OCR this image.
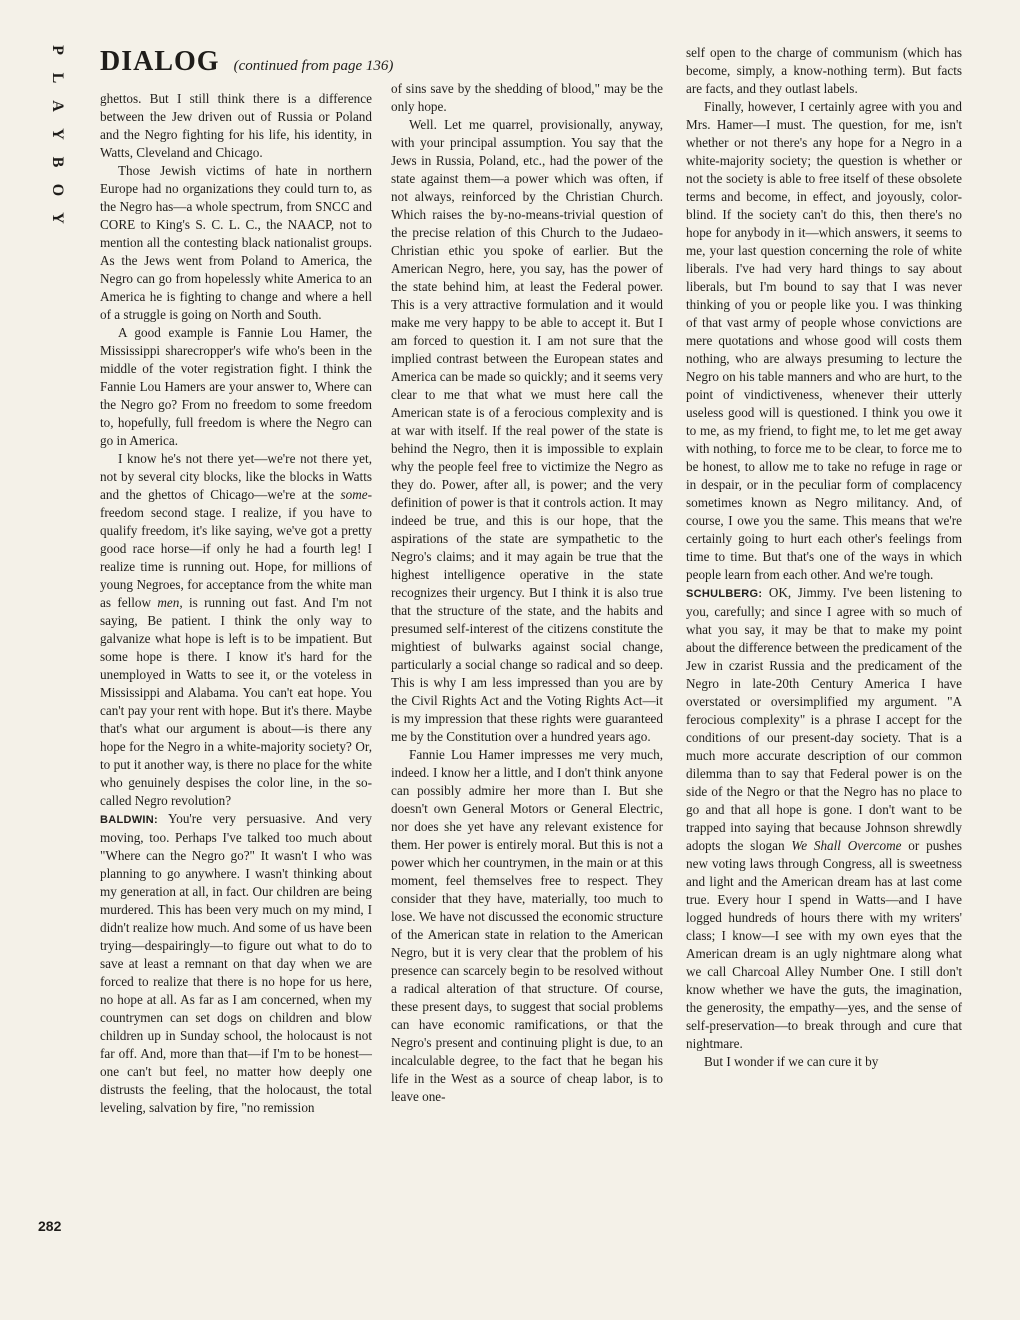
P
L
A
Y
B
O
Y
DIALOG (continued from page 136)

ghettos. But I still think there is a difference between the Jew driven out of Russia or Poland and the Negro fighting for his life, his identity, in Watts, Cleveland and Chicago.

Those Jewish victims of hate in northern Europe had no organizations they could turn to, as the Negro has—a whole spectrum, from SNCC and CORE to King's S. C. L. C., the NAACP, not to mention all the contesting black nationalist groups. As the Jews went from Poland to America, the Negro can go from hopelessly white America to an America he is fighting to change and where a hell of a struggle is going on North and South.

A good example is Fannie Lou Hamer, the Mississippi sharecropper's wife who's been in the middle of the voter registration fight. I think the Fannie Lou Hamers are your answer to, Where can the Negro go? From no freedom to some freedom to, hopefully, full freedom is where the Negro can go in America.

I know he's not there yet—we're not there yet, not by several city blocks, like the blocks in Watts and the ghettos of Chicago—we're at the some-freedom second stage. I realize, if you have to qualify freedom, it's like saying, we've got a pretty good race horse—if only he had a fourth leg! I realize time is running out. Hope, for millions of young Negroes, for acceptance from the white man as fellow men, is running out fast. And I'm not saying, Be patient. I think the only way to galvanize what hope is left is to be impatient. But some hope is there. I know it's hard for the unemployed in Watts to see it, or the voteless in Mississippi and Alabama. You can't eat hope. You can't pay your rent with hope. But it's there. Maybe that's what our argument is about—is there any hope for the Negro in a white-majority society? Or, to put it another way, is there no place for the white who genuinely despises the color line, in the so-called Negro revolution?

BALDWIN: You're very persuasive. And very moving, too. Perhaps I've talked too much about "Where can the Negro go?" It wasn't I who was planning to go anywhere. I wasn't thinking about my generation at all, in fact. Our children are being murdered. This has been very much on my mind, I didn't realize how much. And some of us have been trying—despairingly—to figure out what to do to save at least a remnant on that day when we are forced to realize that there is no hope for us here, no hope at all. As far as I am concerned, when my countrymen can set dogs on children and blow children up in Sunday school, the holocaust is not far off. And, more than that—if I'm to be honest—one can't but feel, no matter how deeply one distrusts the feeling, that the holocaust, the total leveling, salvation by fire, "no remission

of sins save by the shedding of blood," may be the only hope.

Well. Let me quarrel, provisionally, anyway, with your principal assumption. You say that the Jews in Russia, Poland, etc., had the power of the state against them—a power which was often, if not always, reinforced by the Christian Church. Which raises the by-no-means-trivial question of the precise relation of this Church to the Judaeo-Christian ethic you spoke of earlier. But the American Negro, here, you say, has the power of the state behind him, at least the Federal power. This is a very attractive formulation and it would make me very happy to be able to accept it. But I am forced to question it. I am not sure that the implied contrast between the European states and America can be made so quickly; and it seems very clear to me that what we must here call the American state is of a ferocious complexity and is at war with itself. If the real power of the state is behind the Negro, then it is impossible to explain why the people feel free to victimize the Negro as they do. Power, after all, is power; and the very definition of power is that it controls action. It may indeed be true, and this is our hope, that the aspirations of the state are sympathetic to the Negro's claims; and it may again be true that the highest intelligence operative in the state recognizes their urgency. But I think it is also true that the structure of the state, and the habits and presumed self-interest of the citizens constitute the mightiest of bulwarks against social change, particularly a social change so radical and so deep. This is why I am less impressed than you are by the Civil Rights Act and the Voting Rights Act—it is my impression that these rights were guaranteed me by the Constitution over a hundred years ago.

Fannie Lou Hamer impresses me very much, indeed. I know her a little, and I don't think anyone can possibly admire her more than I. But she doesn't own General Motors or General Electric, nor does she yet have any relevant existence for them. Her power is entirely moral. But this is not a power which her countrymen, in the main or at this moment, feel themselves free to respect. They consider that they have, materially, too much to lose. We have not discussed the economic structure of the American state in relation to the American Negro, but it is very clear that the problem of his presence can scarcely begin to be resolved without a radical alteration of that structure. Of course, these present days, to suggest that social problems can have economic ramifications, or that the Negro's present and continuing plight is due, to an incalculable degree, to the fact that he began his life in the West as a source of cheap labor, is to leave one-

self open to the charge of communism (which has become, simply, a know-nothing term). But facts are facts, and they outlast labels.

Finally, however, I certainly agree with you and Mrs. Hamer—I must. The question, for me, isn't whether or not there's any hope for a Negro in a white-majority society; the question is whether or not the society is able to free itself of these obsolete terms and become, in effect, and joyously, color-blind. If the society can't do this, then there's no hope for anybody in it—which answers, it seems to me, your last question concerning the role of white liberals. I've had very hard things to say about liberals, but I'm bound to say that I was never thinking of you or people like you. I was thinking of that vast army of people whose convictions are mere quotations and whose good will costs them nothing, who are always presuming to lecture the Negro on his table manners and who are hurt, to the point of vindictiveness, whenever their utterly useless good will is questioned. I think you owe it to me, as my friend, to fight me, to let me get away with nothing, to force me to be clear, to force me to be honest, to allow me to take no refuge in rage or in despair, or in the peculiar form of complacency sometimes known as Negro militancy. And, of course, I owe you the same. This means that we're certainly going to hurt each other's feelings from time to time. But that's one of the ways in which people learn from each other. And we're tough.

SCHULBERG: OK, Jimmy. I've been listening to you, carefully; and since I agree with so much of what you say, it may be that to make my point about the difference between the predicament of the Jew in czarist Russia and the predicament of the Negro in late-20th Century America I have overstated or oversimplified my argument. "A ferocious complexity" is a phrase I accept for the conditions of our present-day society. That is a much more accurate description of our common dilemma than to say that Federal power is on the side of the Negro or that the Negro has no place to go and that all hope is gone. I don't want to be trapped into saying that because Johnson shrewdly adopts the slogan We Shall Overcome or pushes new voting laws through Congress, all is sweetness and light and the American dream has at last come true. Every hour I spend in Watts—and I have logged hundreds of hours there with my writers' class; I know—I see with my own eyes that the American dream is an ugly nightmare along what we call Charcoal Alley Number One. I still don't know whether we have the guts, the imagination, the generosity, the empathy—yes, and the sense of self-preservation—to break through and cure that nightmare.

But I wonder if we can cure it by

282
